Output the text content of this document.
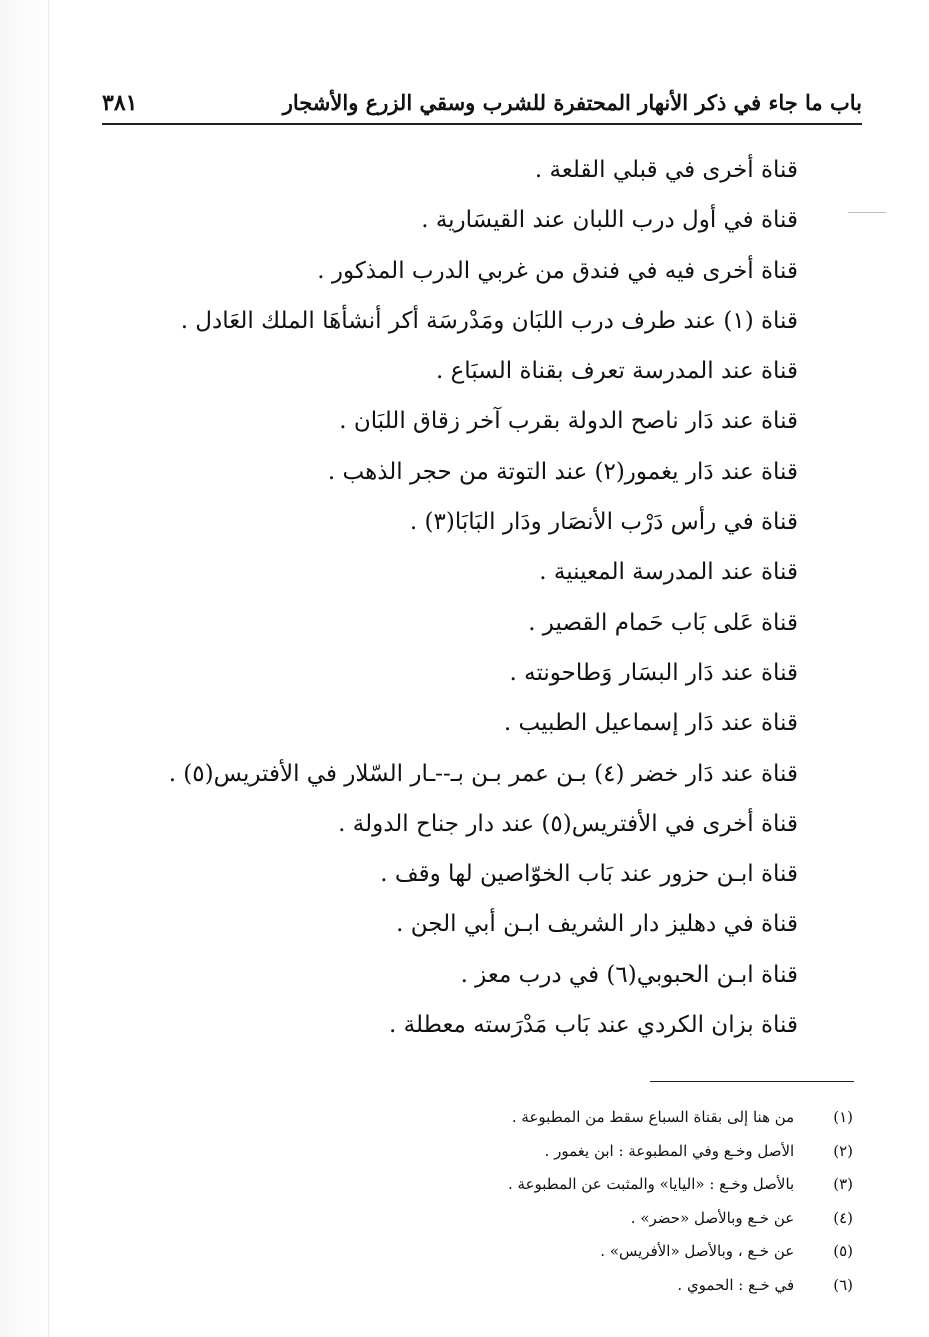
باب ما جاء في ذكر الأنهار المحتفرة للشرب وسقي الزرع والأشجار
٣٨١
قناة أخرى في قبلي القلعة .
قناة في أول درب اللبان عند القيسَارية .
قناة أخرى فيه في فندق من غربي الدرب المذكور .
قناة (١) عند طرف درب اللبَان ومَدْرسَة أكر أنشأهَا الملك العَادل .
قناة عند المدرسة تعرف بقناة السبَاع .
قناة عند دَار ناصح الدولة بقرب آخر زقاق اللبَان .
قناة عند دَار يغمور(٢) عند التوتة من حجر الذهب .
قناة في رأس دَرْب الأنصَار ودَار البَابَا(٣) .
قناة عند المدرسة المعينية .
قناة عَلى بَاب حَمام القصير .
قناة عند دَار البسَار وَطاحونته .
قناة عند دَار إسماعيل الطبيب .
قناة عند دَار خضر (٤) بـن عمر بـن بـ--ـار السّلار في الأفتريس(٥) .
قناة أخرى في الأفتريس(٥) عند دار جناح الدولة .
قناة ابـن حزور عند بَاب الخوّاصين لها وقف .
قناة في دهليز دار الشريف ابـن أبي الجن .
قناة ابـن الحبوبي(٦) في درب معز .
قناة بزان الكردي عند بَاب مَدْرَسته معطلة .
(١) من هنا إلى بقناة السباع سقط من المطبوعة .
(٢) الأصل وخـع وفي المطبوعة : ابن يغمور .
(٣) بالأصل وخـع : «اليايا» والمثبت عن المطبوعة .
(٤) عن خـع وبالأصل «حضر» .
(٥) عن خـع ، وبالأصل «الأفريس» .
(٦) في خـع : الحموي .
